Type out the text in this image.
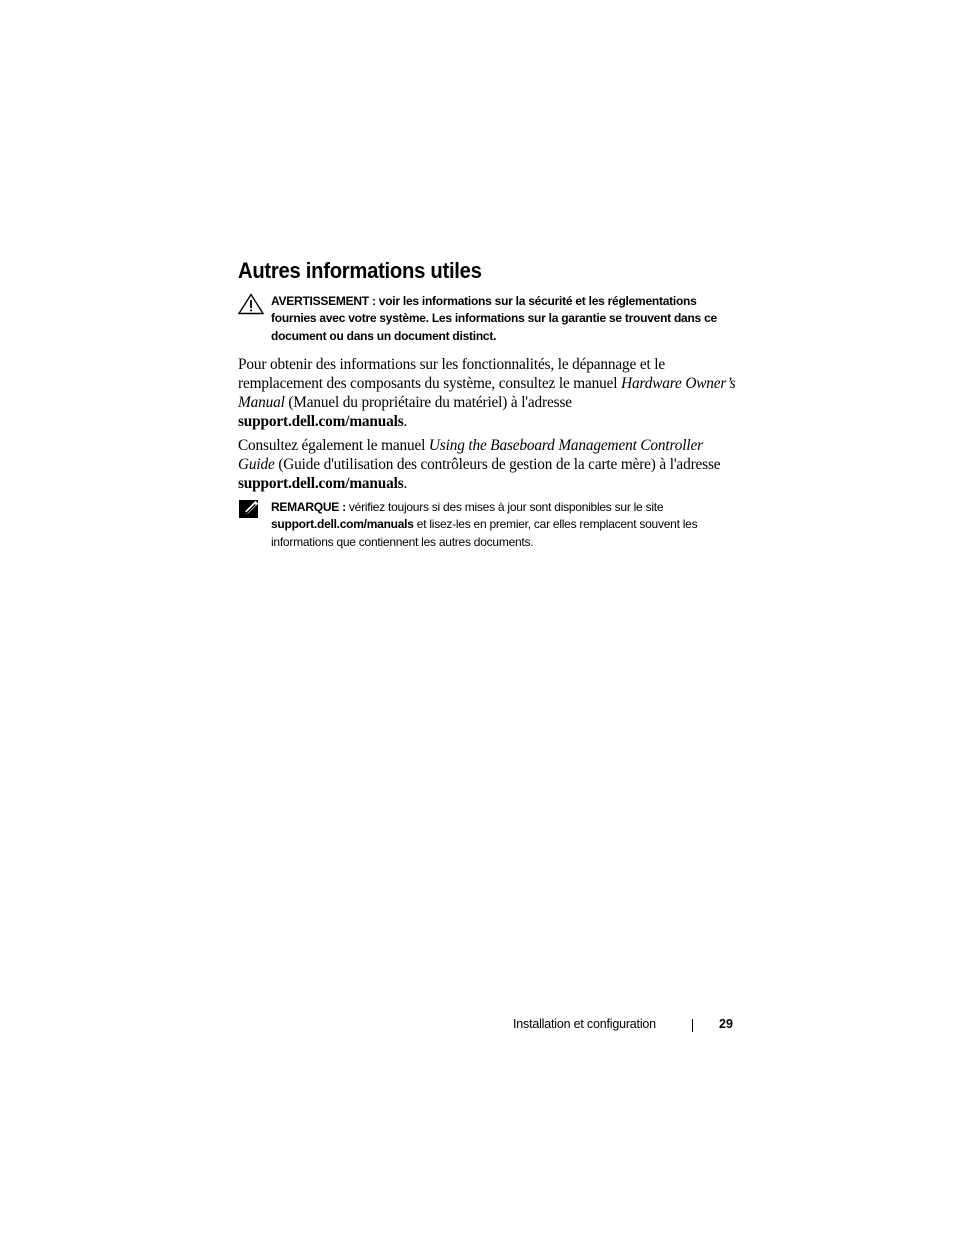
Autres informations utiles
AVERTISSEMENT : voir les informations sur la sécurité et les réglementations fournies avec votre système. Les informations sur la garantie se trouvent dans ce document ou dans un document distinct.

Pour obtenir des informations sur les fonctionnalités, le dépannage et le remplacement des composants du système, consultez le manuel Hardware Owner’s Manual (Manuel du propriétaire du matériel) à l'adresse support.dell.com/manuals.

Consultez également le manuel Using the Baseboard Management Controller Guide (Guide d'utilisation des contrôleurs de gestion de la carte mère) à l'adresse support.dell.com/manuals.

REMARQUE : vérifiez toujours si des mises à jour sont disponibles sur le site support.dell.com/manuals et lisez-les en premier, car elles remplacent souvent les informations que contiennent les autres documents.
Installation et configuration	29
